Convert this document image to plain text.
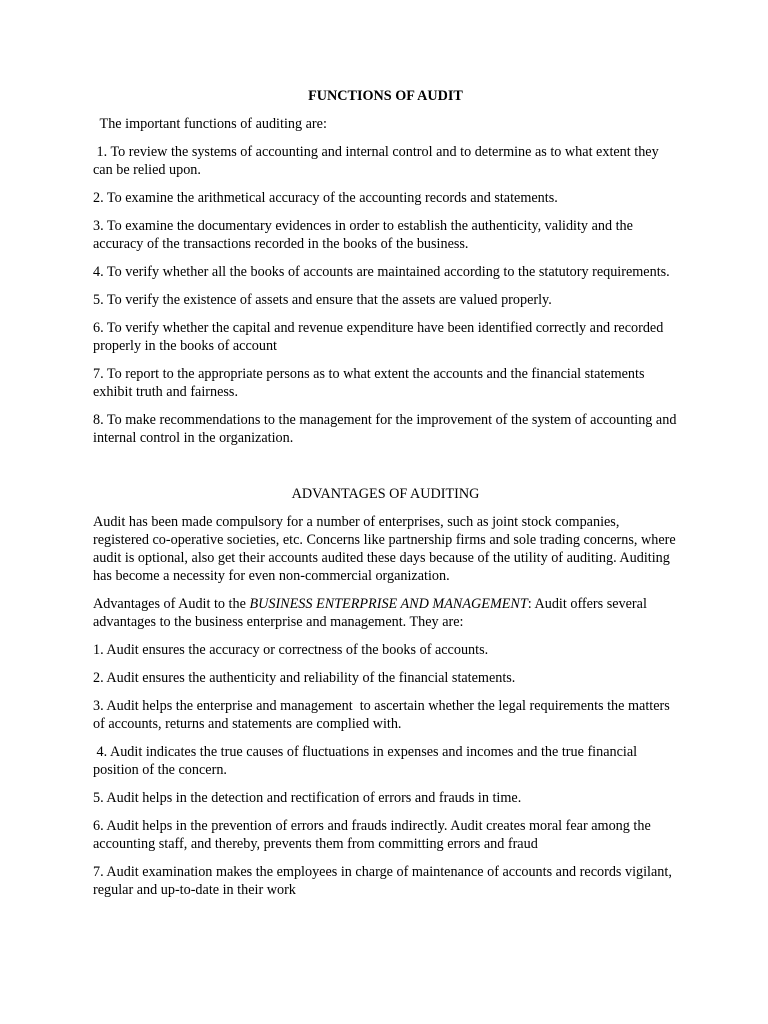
FUNCTIONS OF AUDIT
The important functions of auditing are:
1. To review the systems of accounting and internal control and to determine as to what extent they can be relied upon.
2. To examine the arithmetical accuracy of the accounting records and statements.
3. To examine the documentary evidences in order to establish the authenticity, validity and the accuracy of the transactions recorded in the books of the business.
4. To verify whether all the books of accounts are maintained according to the statutory requirements.
5. To verify the existence of assets and ensure that the assets are valued properly.
6. To verify whether the capital and revenue expenditure have been identified correctly and recorded properly in the books of account
7. To report to the appropriate persons as to what extent the accounts and the financial statements exhibit truth and fairness.
8. To make recommendations to the management for the improvement of the system of accounting and internal control in the organization.
ADVANTAGES OF AUDITING
Audit has been made compulsory for a number of enterprises, such as joint stock companies, registered co-operative societies, etc. Concerns like partnership firms and sole trading concerns, where audit is optional, also get their accounts audited these days because of the utility of auditing. Auditing has become a necessity for even non-commercial organization.
Advantages of Audit to the BUSINESS ENTERPRISE AND MANAGEMENT: Audit offers several advantages to the business enterprise and management. They are:
1. Audit ensures the accuracy or correctness of the books of accounts.
2. Audit ensures the authenticity and reliability of the financial statements.
3. Audit helps the enterprise and management  to ascertain whether the legal requirements the matters of accounts, returns and statements are complied with.
4. Audit indicates the true causes of fluctuations in expenses and incomes and the true financial position of the concern.
5. Audit helps in the detection and rectification of errors and frauds in time.
6. Audit helps in the prevention of errors and frauds indirectly. Audit creates moral fear among the accounting staff, and thereby, prevents them from committing errors and fraud
7. Audit examination makes the employees in charge of maintenance of accounts and records vigilant, regular and up-to-date in their work
